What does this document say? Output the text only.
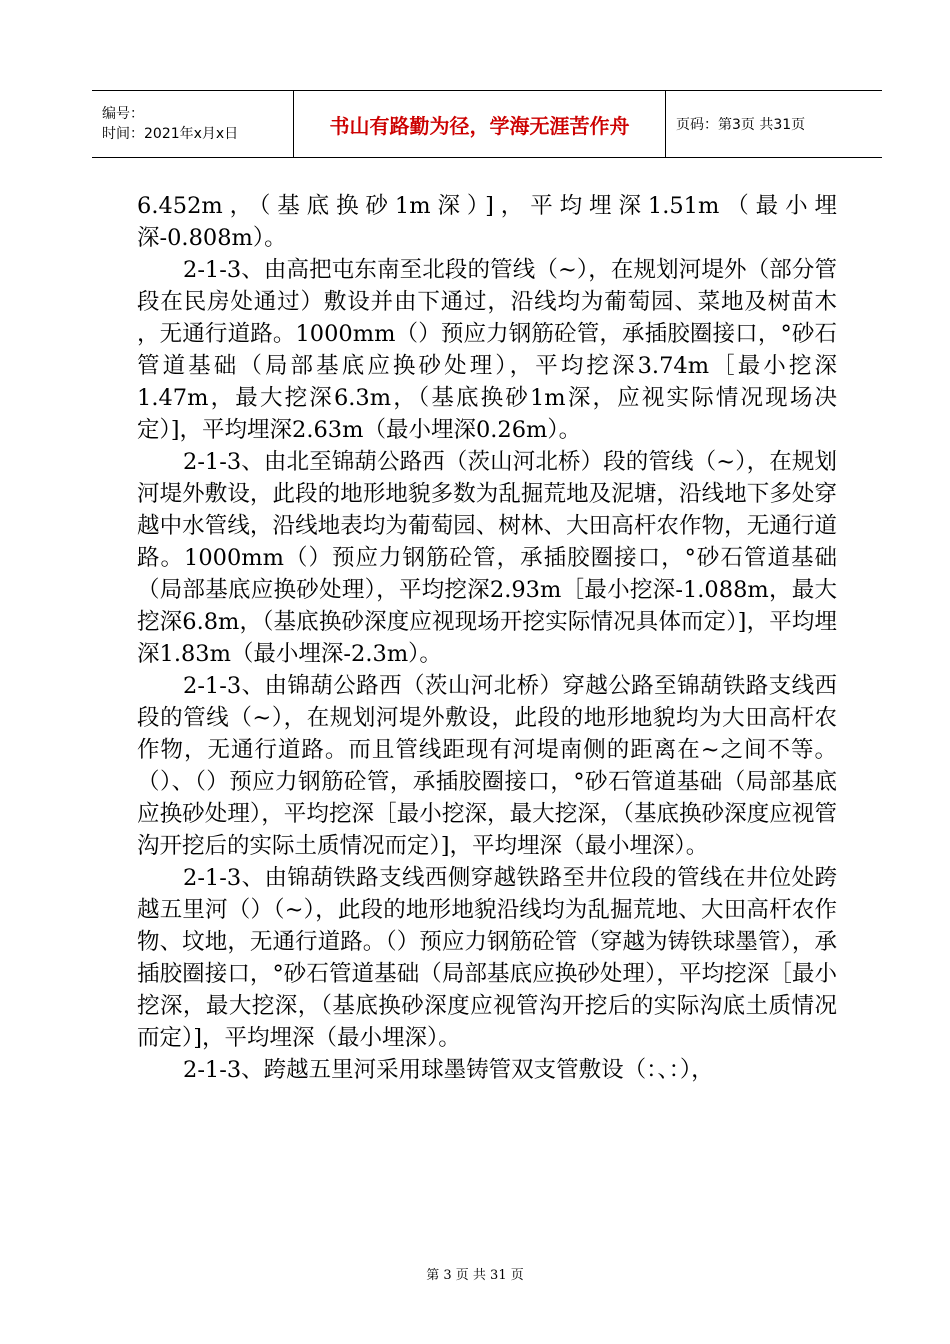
编号：
时间：2021年x月x日	书山有路勤为径，学海无涯苦作舟	页码：第3页 共31页

6.452m，（基底换砂1m深）]，平均埋深1.51m（最小埋深-0.808m）。

2-1-3、由高把屯东南至北段的管线（~），在规划河堤外（部分管段在民房处通过）敷设并由下通过，沿线均为葡萄园、菜地及树苗木 ，无通行道路。1000mm（）预应力钢筋砼管，承插胶圈接口，°砂石管道基础（局部基底应换砂处理），平均挖深3.74m［最小挖深1.47m，最大挖深6.3m，（基底换砂1m深，应视实际情况现场决定）]，平均埋深2.63m（最小埋深0.26m）。

2-1-3、由北至锦葫公路西（茨山河北桥）段的管线（~），在规划河堤外敷设，此段的地形地貌多数为乱掘荒地及泥塘，沿线地下多处穿越中水管线，沿线地表均为葡萄园、树林、大田高杆农作物，无通行道路。1000mm（）预应力钢筋砼管，承插胶圈接口，°砂石管道基础（局部基底应换砂处理），平均挖深2.93m［最小挖深-1.088m，最大挖深6.8m，（基底换砂深度应视现场开挖实际情况具体而定）]，平均埋深1.83m（最小埋深-2.3m）。

2-1-3、由锦葫公路西（茨山河北桥）穿越公路至锦葫铁路支线西段的管线（~），在规划河堤外敷设，此段的地形地貌均为大田高杆农作物，无通行道路。而且管线距现有河堤南侧的距离在~之间不等。（）、（）预应力钢筋砼管，承插胶圈接口，°砂石管道基础（局部基底应换砂处理），平均挖深［最小挖深，最大挖深，（基底换砂深度应视管沟开挖后的实际土质情况而定）]，平均埋深（最小埋深）。

2-1-3、由锦葫铁路支线西侧穿越铁路至井位段的管线在井位处跨越五里河（）（~），此段的地形地貌沿线均为乱掘荒地、大田高杆农作物、坟地，无通行道路。（）预应力钢筋砼管（穿越为铸铁球墨管），承插胶圈接口，°砂石管道基础（局部基底应换砂处理），平均挖深［最小挖深，最大挖深，（基底换砂深度应视管沟开挖后的实际沟底土质情况而定）]，平均埋深（最小埋深）。

2-1-3、跨越五里河采用球墨铸管双支管敷设（：、：），

第 3 页 共 31 页
